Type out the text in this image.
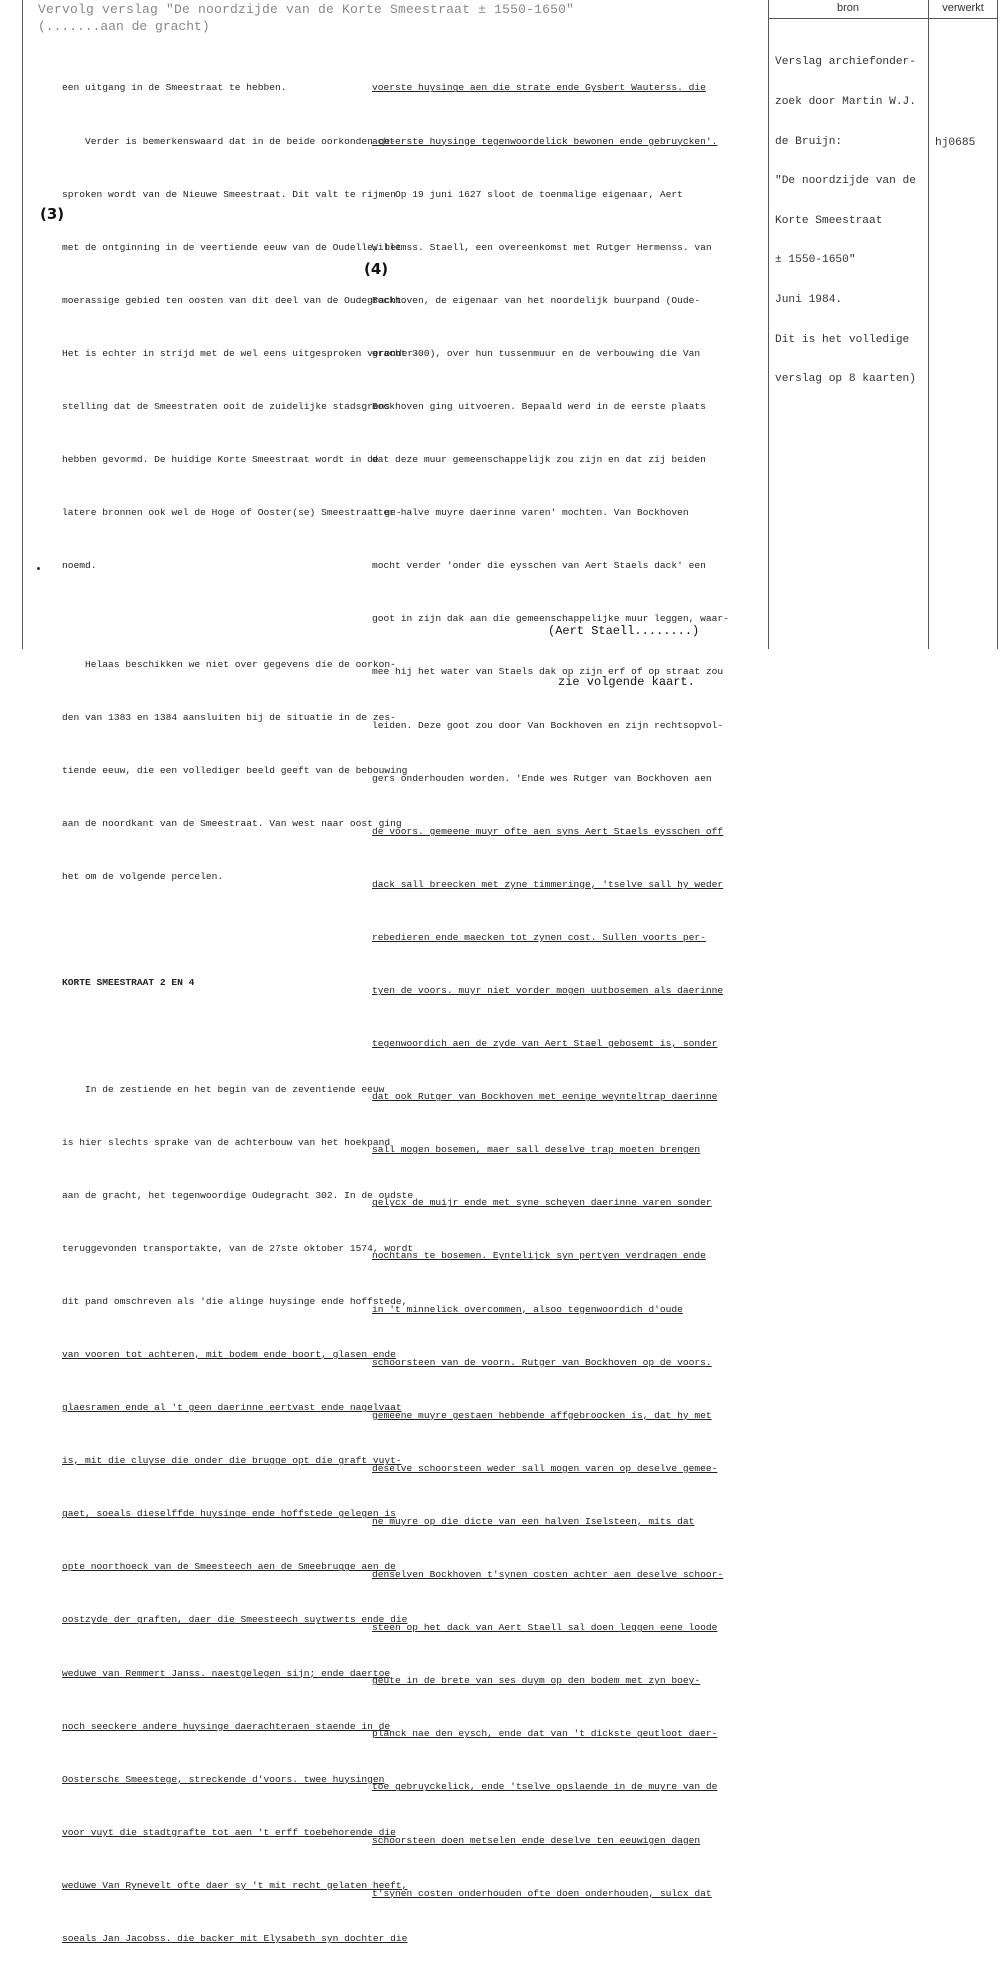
Vervolg verslag "De noordzijde van de Korte Smeestraat ± 1550-1650"
(.......aan de gracht)

een uitgang in de Smeestraat te hebben.

Verder is bemerkenswaard dat in de beide oorkonden ge-

sproken wordt van de Nieuwe Smeestraat. Dit valt te rijmen

met de ontginning in de veertiende eeuw van de Oudelle, het

moerassige gebied ten oosten van dit deel van de Oudegracht.

Het is echter in strijd met de wel eens uitgesproken veronder-

stelling dat de Smeestraten ooit de zuidelijke stadsgrens

hebben gevormd. De huidige Korte Smeestraat wordt in de

latere bronnen ook wel de Hoge of Ooster(se) Smeestraat ge-

noemd.

Helaas beschikken we niet over gegevens die de oorkon-

den van 1383 en 1384 aansluiten bij de situatie in de zes-

tiende eeuw, die een vollediger beeld geeft van de bebouwing

aan de noordkant van de Smeestraat. Van west naar oost ging

het om de volgende percelen.

KORTE SMEESTRAAT 2 EN 4

In de zestiende en het begin van de zeventiende eeuw

is hier slechts sprake van de achterbouw van het hoekpand

aan de gracht, het tegenwoordige Oudegracht 302. In de oudste

teruggevonden transportakte, van de 27ste oktober 1574, wordt

dit pand omschreven als 'die alinge huysinge ende hoffstede,

van vooren tot achteren, mit bodem ende boort, glasen ende

glaesramen ende al 't geen daerinne eertvast ende nagelvaat

is, mit die cluyse die onder die brugge opt die graft vuyt-

gaet, soeals dieselffde huysinge ende hoffstede gelegen is

opte noorthoeck van de Smeesteech aen de Smeebrugge aen de

oostzyde der graften, daer die Smeesteech suytwerts ende die

weduwe van Remmert Janss. naestgelegen sijn; ende daertoe

noch seeckere andere huysinge daerachteraen staende in de

Oosterschε Smeestege, streckende d'voors. twee huysingen

voor vuyt die stadtgrafte tot aen 't erff toebehorende die

weduwe Van Rynevelt ofte daer sy 't mit recht gelaten heeft,

soeals Jan Jacobss. die backer mit Elysabeth syn dochter die

(3)
(4)

voerste huysinge aen die strate ende Gysbert Wauterss. die

achterste huysinge tegenwoordelick bewonen ende gebruycken'.

Op 19 juni 1627 sloot de toenmalige eigenaar, Aert

Willemss. Staell, een overeenkomst met Rutger Hermenss. van

Bockhoven, de eigenaar van het noordelijk buurpand (Oude-

gracht 300), over hun tussenmuur en de verbouwing die Van

Bockhoven ging uitvoeren. Bepaald werd in de eerste plaats

dat deze muur gemeenschappelijk zou zijn en dat zij beiden

'ter halve muyre daerinne varen' mochten. Van Bockhoven

mocht verder 'onder die eysschen van Aert Staels dack' een

goot in zijn dak aan die gemeenschappelijke muur leggen, waar-

mee hij het water van Staels dak op zijn erf of op straat zou

leiden. Deze goot zou door Van Bockhoven en zijn rechtsopvol-

gers onderhouden worden. 'Ende wes Rutger van Bockhoven aen

de voors. gemeene muyr ofte aen syns Aert Staels eysschen off

dack sall breecken met zyne timmeringe, 'tselve sall hy weder

rebedieren ende maecken tot zynen cost. Sullen voorts per-

tyen de voors. muyr niet vorder mogen uutbosemen als daerinne

tegenwoordich aen de zyde van Aert Stael gebosemt is, sonder

dat ook Rutger van Bockhoven met eenige weynteltrap daerinne

sall mogen bosemen, maer sall deselve trap moeten brengen

gelycx de muijr ende met syne scheyen daerinne varen sonder

nochtans te bosemen. Eyntelijck syn pertyen verdragen ende

in 't minnelick overcommen, alsoo tegenwoordich d'oude

schoorsteen van de voorn. Rutger van Bockhoven op de voors.

gemeene muyre gestaen hebbende affgebroocken is, dat hy met

deselve schoorsteen weder sall mogen varen op deselve gemee-

ne muyre op die dicte van een halven Iselsteen, mits dat

denselven Bockhoven t'synen costen achter aen deselve schoor-

steen op het dack van Aert Staell sal doen leggen eene loode

geute in de brete van ses duym op den bodem met zyn boey-

planck nae den eysch, ende dat van 't dickste geutloot daer-

toe gebruyckelick, ende 'tselve opslaende in de muyre van de

schoorsteen doen metselen ende deselve ten eeuwigen dagen

t'synen costen onderhouden ofte doen onderhouden, sulcx dat

(Aert Staell........)

zie volgende kaart.

bron	verwerkt

Verslag archiefonder-

zoek door Martin W.J.

de Bruijn:

"De noordzijde van de

Korte Smeestraat

± 1550-1650"

Juni 1984.

Dit is het volledige

verslag op 8 kaarten)

hj0685
